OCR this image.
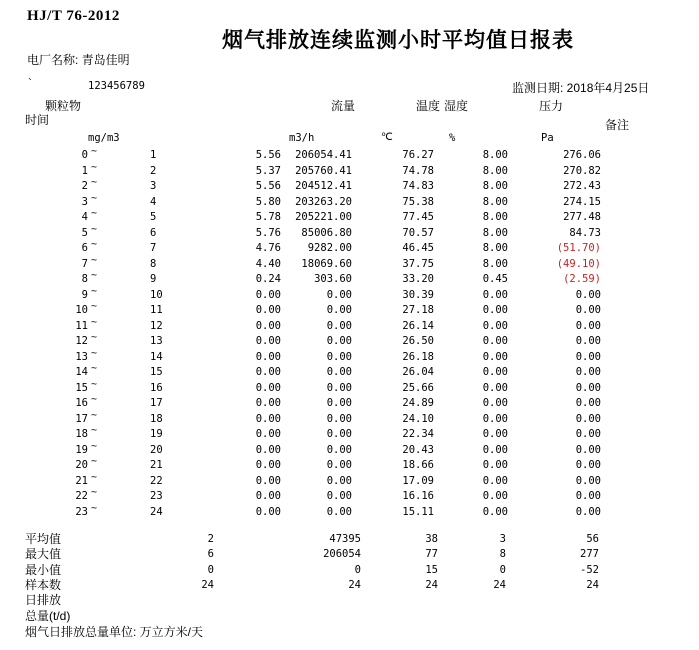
HJ/T 76-2012
烟气排放连续监测小时平均值日报表
电厂名称: 青岛佳明
`	123456789	监测日期: 2018年4月25日
颗粒物	流量	温度 湿度	压力
时间	备注
mg/m3	m3/h	℃	%	Pa
0 ~	1	5.56	206054.41	76.27	8.00	276.06
1 ~	2	5.37	205760.41	74.78	8.00	270.82
2 ~	3	5.56	204512.41	74.83	8.00	272.43
3 ~	4	5.80	203263.20	75.38	8.00	274.15
4 ~	5	5.78	205221.00	77.45	8.00	277.48
5 ~	6	5.76	85006.80	70.57	8.00	84.73
6 ~	7	4.76	9282.00	46.45	8.00	(51.70)
7 ~	8	4.40	18069.60	37.75	8.00	(49.10)
8 ~	9	0.24	303.60	33.20	0.45	(2.59)
9 ~	10	0.00	0.00	30.39	0.00	0.00
10 ~	11	0.00	0.00	27.18	0.00	0.00
11 ~	12	0.00	0.00	26.14	0.00	0.00
12 ~	13	0.00	0.00	26.50	0.00	0.00
13 ~	14	0.00	0.00	26.18	0.00	0.00
14 ~	15	0.00	0.00	26.04	0.00	0.00
15 ~	16	0.00	0.00	25.66	0.00	0.00
16 ~	17	0.00	0.00	24.89	0.00	0.00
17 ~	18	0.00	0.00	24.10	0.00	0.00
18 ~	19	0.00	0.00	22.34	0.00	0.00
19 ~	20	0.00	0.00	20.43	0.00	0.00
20 ~	21	0.00	0.00	18.66	0.00	0.00
21 ~	22	0.00	0.00	17.09	0.00	0.00
22 ~	23	0.00	0.00	16.16	0.00	0.00
23 ~	24	0.00	0.00	15.11	0.00	0.00
平均值	2	47395	38	3	56
最大值	6	206054	77	8	277
最小值	0	0	15	0	-52
样本数	24	24	24	24	24
日排放
总量(t/d)
烟气日排放总量单位: 万立方米/天
